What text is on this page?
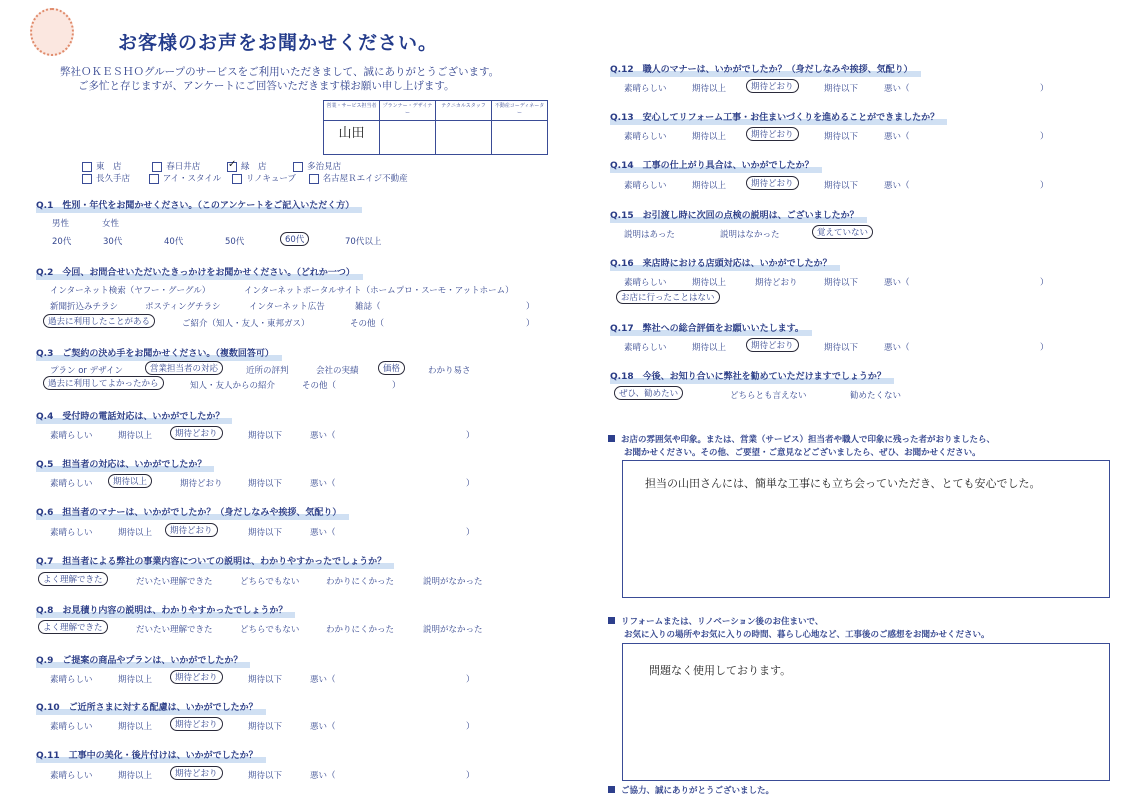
お客様のお声をお聞かせください。
弊社ＯＫＥＳＨＯグループのサービスをご利用いただきまして、誠にありがとうございます。
ご多忙と存じますが、アンケートにご回答いただきます様お願い申し上げます。
営業・サービス担当者	プランナー・デザイナー	テクニカルスタッフ	不動産コーディネーター
山田			
東　店	春日井店	✓ 緑　店	多治見店
長久手店	アイ・スタイル	リノキューブ	名古屋Ｒエイジ不動産
Q.1　性別・年代をお聞かせください。（このアンケートをご記入いただく方）
男性	女性
20代	30代	40代	50代	60代	70代以上
Q.2　今回、お問合せいただいたきっかけをお聞かせください。（どれか一つ）
インターネット検索（ヤフー・グーグル）	インターネットポータルサイト（ホームプロ・スーモ・アットホーム）
新聞折込みチラシ	ポスティングチラシ	インターネット広告	雑誌（	）
過去に利用したことがある	ご紹介（知人・友人・東邦ガス）	その他（	）
Q.3　ご契約の決め手をお聞かせください。（複数回答可）
プラン or デザイン	営業担当者の対応	近所の評判	会社の実績	価格	わかり易さ
過去に利用してよかったから	知人・友人からの紹介	その他（	）
Q.4　受付時の電話対応は、いかがでしたか？
素晴らしい	期待以上	期待どおり	期待以下	悪い（	）
Q.5　担当者の対応は、いかがでしたか？
素晴らしい	期待以上	期待どおり	期待以下	悪い（	）
Q.6　担当者のマナーは、いかがでしたか？（身だしなみや挨拶、気配り）
素晴らしい	期待以上	期待どおり	期待以下	悪い（	）
Q.7　担当者による弊社の事業内容についての説明は、わかりやすかったでしょうか？
よく理解できた	だいたい理解できた	どちらでもない	わかりにくかった	説明がなかった
Q.8　お見積り内容の説明は、わかりやすかったでしょうか？
よく理解できた	だいたい理解できた	どちらでもない	わかりにくかった	説明がなかった
Q.9　ご提案の商品やプランは、いかがでしたか？
素晴らしい	期待以上	期待どおり	期待以下	悪い（	）
Q.10　ご近所さまに対する配慮は、いかがでしたか？
素晴らしい	期待以上	期待どおり	期待以下	悪い（	）
Q.11　工事中の美化・後片付けは、いかがでしたか？
素晴らしい	期待以上	期待どおり	期待以下	悪い（	）
Q.12　職人のマナーは、いかがでしたか？（身だしなみや挨拶、気配り）
素晴らしい	期待以上	期待どおり	期待以下	悪い（	）
Q.13　安心してリフォーム工事・お住まいづくりを進めることができましたか？
素晴らしい	期待以上	期待どおり	期待以下	悪い（	）
Q.14　工事の仕上がり具合は、いかがでしたか？
素晴らしい	期待以上	期待どおり	期待以下	悪い（	）
Q.15　お引渡し時に次回の点検の説明は、ございましたか？
説明はあった	説明はなかった	覚えていない
Q.16　来店時における店頭対応は、いかがでしたか？
素晴らしい	期待以上	期待どおり	期待以下	悪い（	）
お店に行ったことはない
Q.17　弊社への総合評価をお願いいたします。
素晴らしい	期待以上	期待どおり	期待以下	悪い（	）
Q.18　今後、お知り合いに弊社を勧めていただけますでしょうか？
ぜひ、勧めたい	どちらとも言えない	勧めたくない
お店の雰囲気や印象。または、営業（サービス）担当者や職人で印象に残った者がおりましたら、
お聞かせください。その他、ご要望・ご意見などございましたら、ぜひ、お聞かせください。
担当の山田さんには、簡単な工事にも立ち会っていただき、とても安心でした。
リフォームまたは、リノベーション後のお住まいで、
お気に入りの場所やお気に入りの時間、暮らし心地など、工事後のご感想をお聞かせください。
問題なく使用しております。
ご協力、誠にありがとうございました。
